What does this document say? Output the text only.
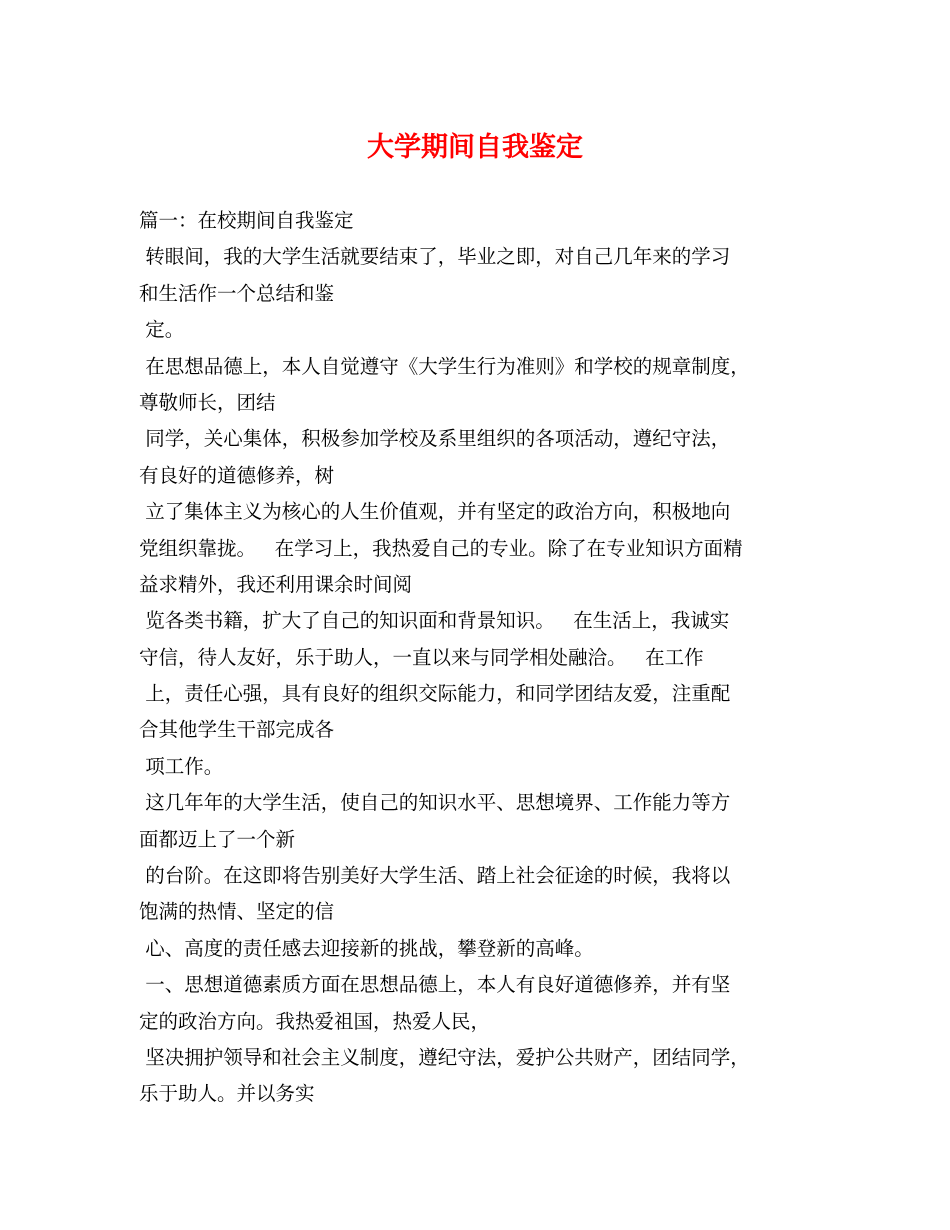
大学期间自我鉴定
篇一：在校期间自我鉴定
转眼间，我的大学生活就要结束了，毕业之即，对自己几年来的学习
和生活作一个总结和鉴
定。
在思想品德上，本人自觉遵守《大学生行为准则》和学校的规章制度，
尊敬师长，团结
同学，关心集体，积极参加学校及系里组织的各项活动，遵纪守法，
有良好的道德修养，树
立了集体主义为核心的人生价值观，并有坚定的政治方向，积极地向
党组织靠拢。   在学习上，我热爱自己的专业。除了在专业知识方面精
益求精外，我还利用课余时间阅
览各类书籍，扩大了自己的知识面和背景知识。   在生活上，我诚实
守信，待人友好，乐于助人，一直以来与同学相处融洽。   在工作
上，责任心强，具有良好的组织交际能力，和同学团结友爱，注重配
合其他学生干部完成各
项工作。
这几年年的大学生活，使自己的知识水平、思想境界、工作能力等方
面都迈上了一个新
的台阶。在这即将告别美好大学生活、踏上社会征途的时候，我将以
饱满的热情、坚定的信
心、高度的责任感去迎接新的挑战，攀登新的高峰。
一、思想道德素质方面在思想品德上，本人有良好道德修养，并有坚
定的政治方向。我热爱祖国，热爱人民，
坚决拥护领导和社会主义制度，遵纪守法，爱护公共财产，团结同学，
乐于助人。并以务实
